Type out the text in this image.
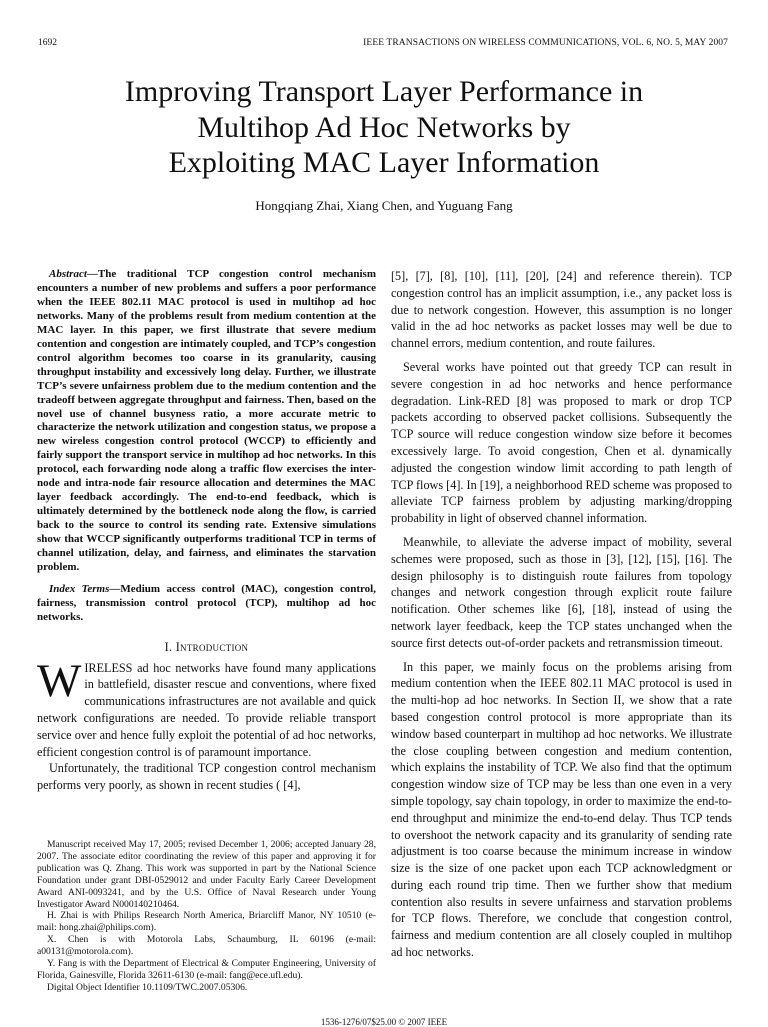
1692	IEEE TRANSACTIONS ON WIRELESS COMMUNICATIONS, VOL. 6, NO. 5, MAY 2007
Improving Transport Layer Performance in
Multihop Ad Hoc Networks by
Exploiting MAC Layer Information
Hongqiang Zhai, Xiang Chen, and Yuguang Fang

Abstract—The traditional TCP congestion control mechanism encounters a number of new problems and suffers a poor performance when the IEEE 802.11 MAC protocol is used in multihop ad hoc networks. Many of the problems result from medium contention at the MAC layer. In this paper, we first illustrate that severe medium contention and congestion are intimately coupled, and TCP’s congestion control algorithm becomes too coarse in its granularity, causing throughput instability and excessively long delay. Further, we illustrate TCP’s severe unfairness problem due to the medium contention and the tradeoff between aggregate throughput and fairness. Then, based on the novel use of channel busyness ratio, a more accurate metric to characterize the network utilization and congestion status, we propose a new wireless congestion control protocol (WCCP) to efficiently and fairly support the transport service in multihop ad hoc networks. In this protocol, each forwarding node along a traffic flow exercises the inter-node and intra-node fair resource allocation and determines the MAC layer feedback accordingly. The end-to-end feedback, which is ultimately determined by the bottleneck node along the flow, is carried back to the source to control its sending rate. Extensive simulations show that WCCP significantly outperforms traditional TCP in terms of channel utilization, delay, and fairness, and eliminates the starvation problem.

Index Terms—Medium access control (MAC), congestion control, fairness, transmission control protocol (TCP), multihop ad hoc networks.

I. Introduction

WIRELESS ad hoc networks have found many applications in battlefield, disaster rescue and conventions, where fixed communications infrastructures are not available and quick network configurations are needed. To provide reliable transport service over and hence fully exploit the potential of ad hoc networks, efficient congestion control is of paramount importance.

Unfortunately, the traditional TCP congestion control mechanism performs very poorly, as shown in recent studies ( [4],

Manuscript received May 17, 2005; revised December 1, 2006; accepted January 28, 2007. The associate editor coordinating the review of this paper and approving it for publication was Q. Zhang. This work was supported in part by the National Science Foundation under grant DBI-0529012 and under Faculty Early Career Development Award ANI-0093241, and by the U.S. Office of Naval Research under Young Investigator Award N000140210464.

H. Zhai is with Philips Research North America, Briarcliff Manor, NY 10510 (e-mail: hong.zhai@philips.com).

X. Chen is with Motorola Labs, Schaumburg, IL 60196 (e-mail: a00131@motorola.com).

Y. Fang is with the Department of Electrical & Computer Engineering, University of Florida, Gainesville, Florida 32611-6130 (e-mail: fang@ece.ufl.edu).

Digital Object Identifier 10.1109/TWC.2007.05306.

[5], [7], [8], [10], [11], [20], [24] and reference therein). TCP congestion control has an implicit assumption, i.e., any packet loss is due to network congestion. However, this assumption is no longer valid in the ad hoc networks as packet losses may well be due to channel errors, medium contention, and route failures.

Several works have pointed out that greedy TCP can result in severe congestion in ad hoc networks and hence performance degradation. Link-RED [8] was proposed to mark or drop TCP packets according to observed packet collisions. Subsequently the TCP source will reduce congestion window size before it becomes excessively large. To avoid congestion, Chen et al. dynamically adjusted the congestion window limit according to path length of TCP flows [4]. In [19], a neighborhood RED scheme was proposed to alleviate TCP fairness problem by adjusting marking/dropping probability in light of observed channel information.

Meanwhile, to alleviate the adverse impact of mobility, several schemes were proposed, such as those in [3], [12], [15], [16]. The design philosophy is to distinguish route failures from topology changes and network congestion through explicit route failure notification. Other schemes like [6], [18], instead of using the network layer feedback, keep the TCP states unchanged when the source first detects out-of-order packets and retransmission timeout.

In this paper, we mainly focus on the problems arising from medium contention when the IEEE 802.11 MAC protocol is used in the multi-hop ad hoc networks. In Section II, we show that a rate based congestion control protocol is more appropriate than its window based counterpart in multihop ad hoc networks. We illustrate the close coupling between congestion and medium contention, which explains the instability of TCP. We also find that the optimum congestion window size of TCP may be less than one even in a very simple topology, say chain topology, in order to maximize the end-to-end throughput and minimize the end-to-end delay. Thus TCP tends to overshoot the network capacity and its granularity of sending rate adjustment is too coarse because the minimum increase in window size is the size of one packet upon each TCP acknowledgment or during each round trip time. Then we further show that medium contention also results in severe unfairness and starvation problems for TCP flows. Therefore, we conclude that congestion control, fairness and medium contention are all closely coupled in multihop ad hoc networks.

1536-1276/07$25.00 © 2007 IEEE
